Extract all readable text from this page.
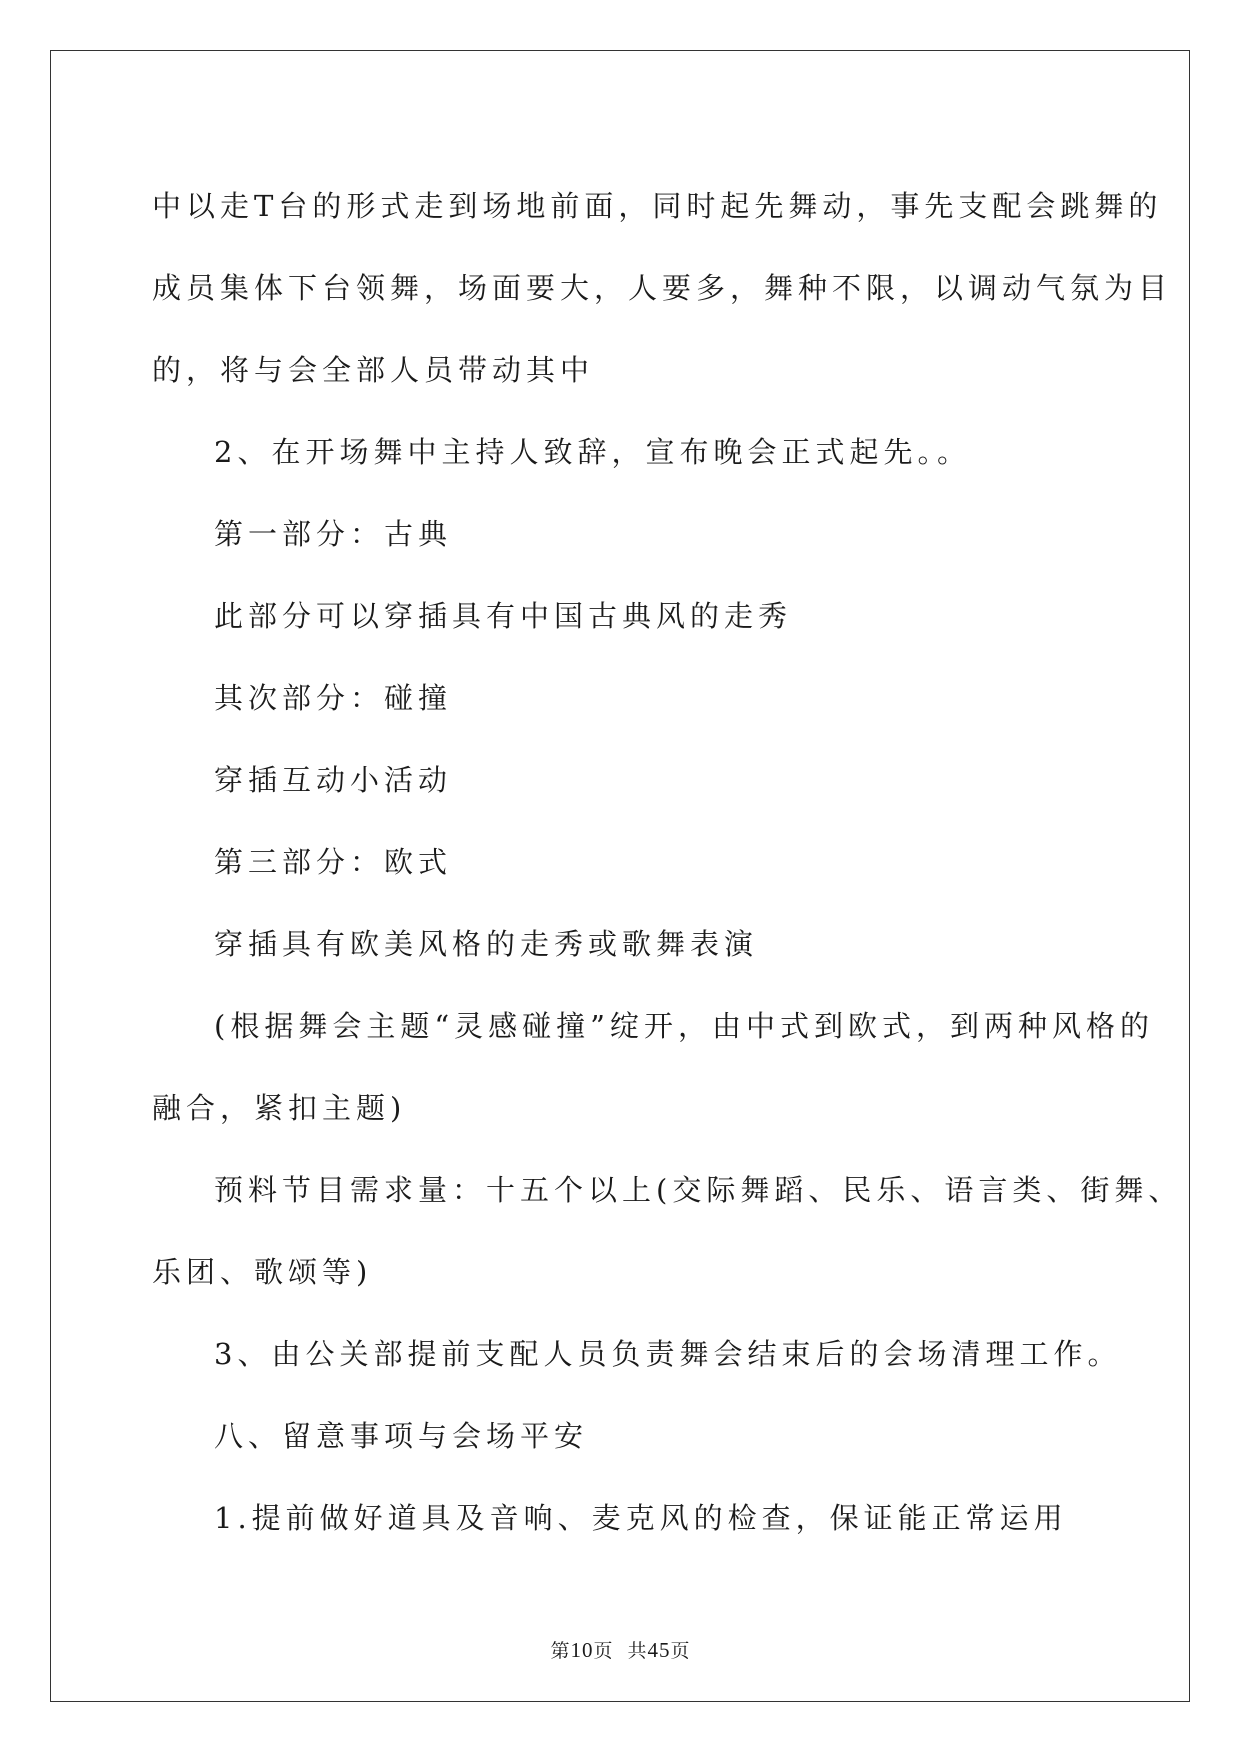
中以走T台的形式走到场地前面，同时起先舞动，事先支配会跳舞的
成员集体下台领舞，场面要大，人要多，舞种不限，以调动气氛为目
的，将与会全部人员带动其中
2、在开场舞中主持人致辞，宣布晚会正式起先。。
第一部分：古典
此部分可以穿插具有中国古典风的走秀
其次部分：碰撞
穿插互动小活动
第三部分：欧式
穿插具有欧美风格的走秀或歌舞表演
(根据舞会主题“灵感碰撞”绽开，由中式到欧式，到两种风格的
融合，紧扣主题)
预料节目需求量：十五个以上(交际舞蹈、民乐、语言类、街舞、
乐团、歌颂等)
3、由公关部提前支配人员负责舞会结束后的会场清理工作。
八、留意事项与会场平安
1.提前做好道具及音响、麦克风的检查，保证能正常运用
第10页  共45页
